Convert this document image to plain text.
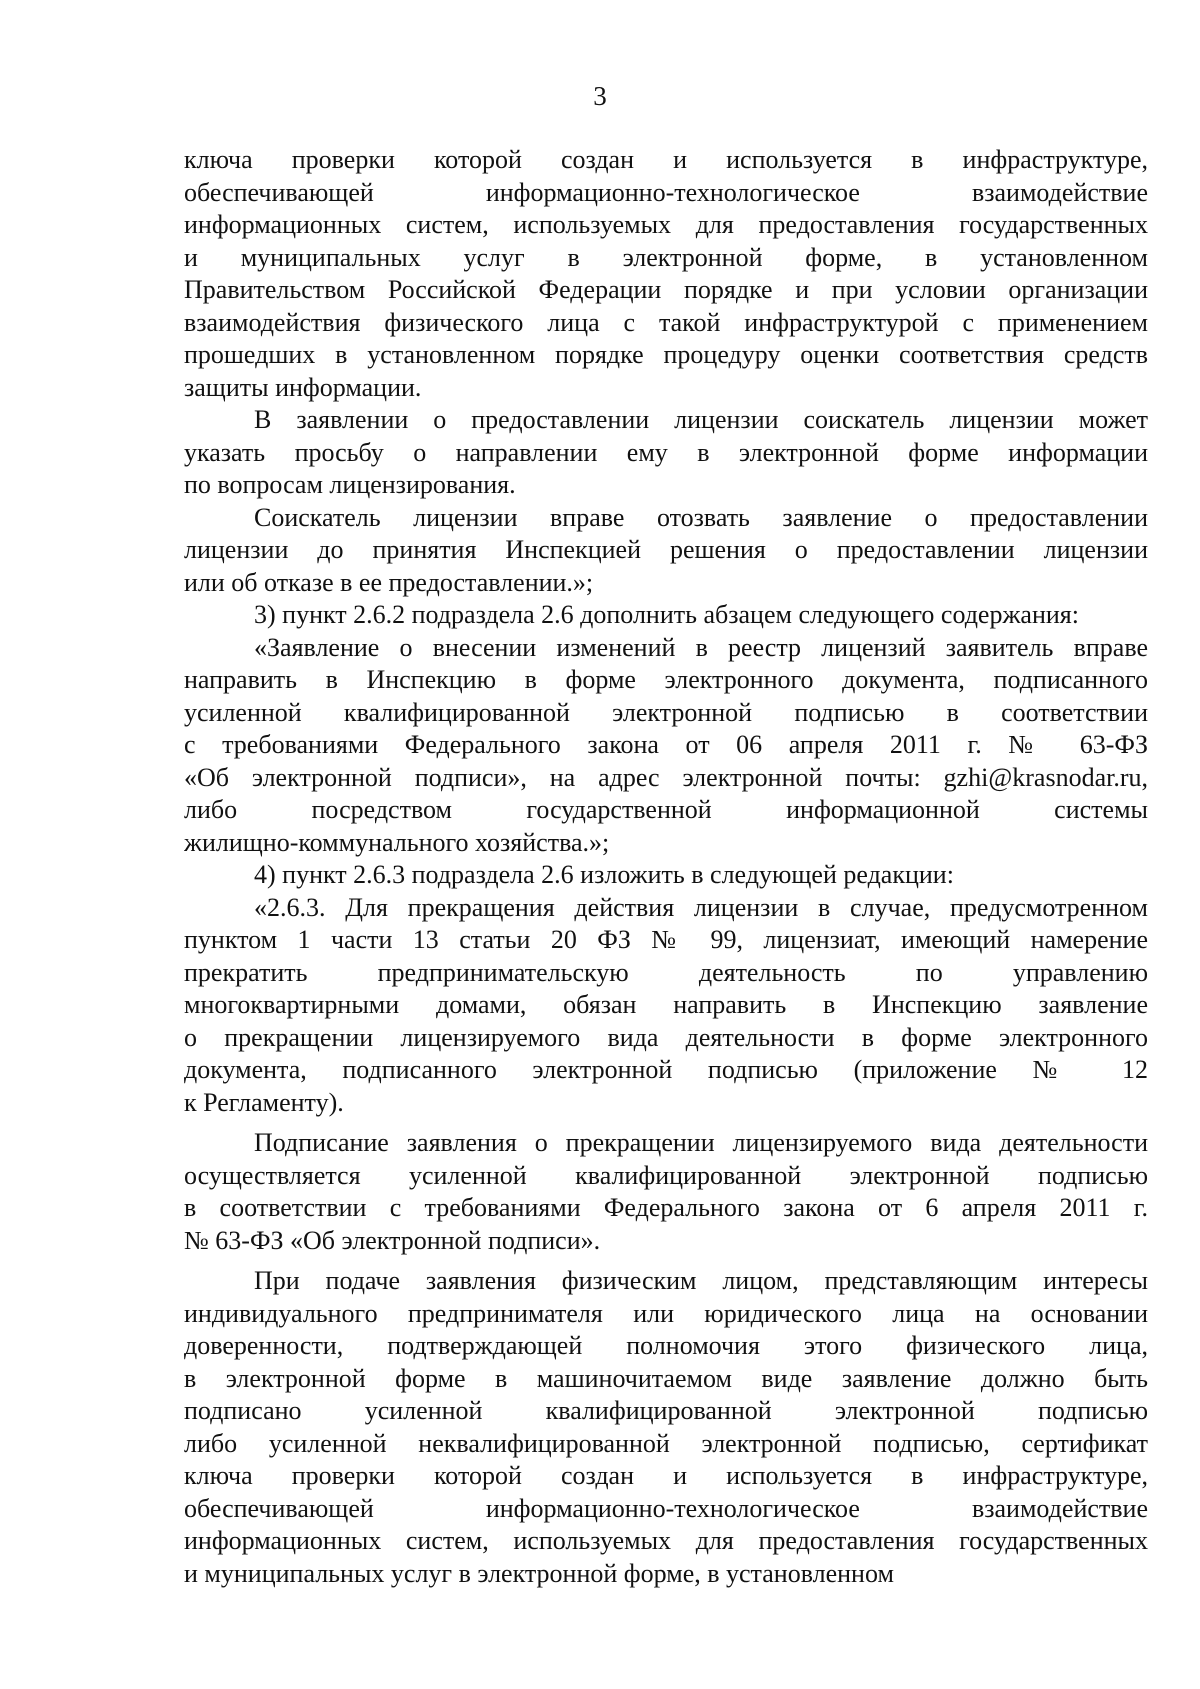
3
ключа проверки которой создан и используется в инфраструктуре,
обеспечивающей информационно-технологическое взаимодействие
информационных систем, используемых для предоставления государственных
и муниципальных услуг в электронной форме, в установленном
Правительством Российской Федерации порядке и при условии организации
взаимодействия физического лица с такой инфраструктурой с применением
прошедших в установленном порядке процедуру оценки соответствия средств
защиты информации.
В заявлении о предоставлении лицензии соискатель лицензии может
указать просьбу о направлении ему в электронной форме информации
по вопросам лицензирования.
Соискатель лицензии вправе отозвать заявление о предоставлении
лицензии до принятия Инспекцией решения о предоставлении лицензии
или об отказе в ее предоставлении.»;
3) пункт 2.6.2 подраздела 2.6 дополнить абзацем следующего содержания:
«Заявление о внесении изменений в реестр лицензий заявитель вправе
направить в Инспекцию в форме электронного документа, подписанного
усиленной квалифицированной электронной подписью в соответствии
с требованиями Федерального закона от 06 апреля 2011 г. № 63-ФЗ
«Об электронной подписи», на адрес электронной почты: gzhi@krasnodar.ru,
либо посредством государственной информационной системы
жилищно-коммунального хозяйства.»;
4) пункт 2.6.3 подраздела 2.6 изложить в следующей редакции:
«2.6.3. Для прекращения действия лицензии в случае, предусмотренном
пунктом 1 части 13 статьи 20 ФЗ № 99, лицензиат, имеющий намерение
прекратить предпринимательскую деятельность по управлению
многоквартирными домами, обязан направить в Инспекцию заявление
о прекращении лицензируемого вида деятельности в форме электронного
документа, подписанного электронной подписью (приложение № 12
к Регламенту).
Подписание заявления о прекращении лицензируемого вида деятельности
осуществляется усиленной квалифицированной электронной подписью
в соответствии с требованиями Федерального закона от 6 апреля 2011 г.
№ 63-ФЗ «Об электронной подписи».
При подаче заявления физическим лицом, представляющим интересы
индивидуального предпринимателя или юридического лица на основании
доверенности, подтверждающей полномочия этого физического лица,
в электронной форме в машиночитаемом виде заявление должно быть
подписано усиленной квалифицированной электронной подписью
либо усиленной неквалифицированной электронной подписью, сертификат
ключа проверки которой создан и используется в инфраструктуре,
обеспечивающей информационно-технологическое взаимодействие
информационных систем, используемых для предоставления государственных
и муниципальных услуг в электронной форме, в установленном
